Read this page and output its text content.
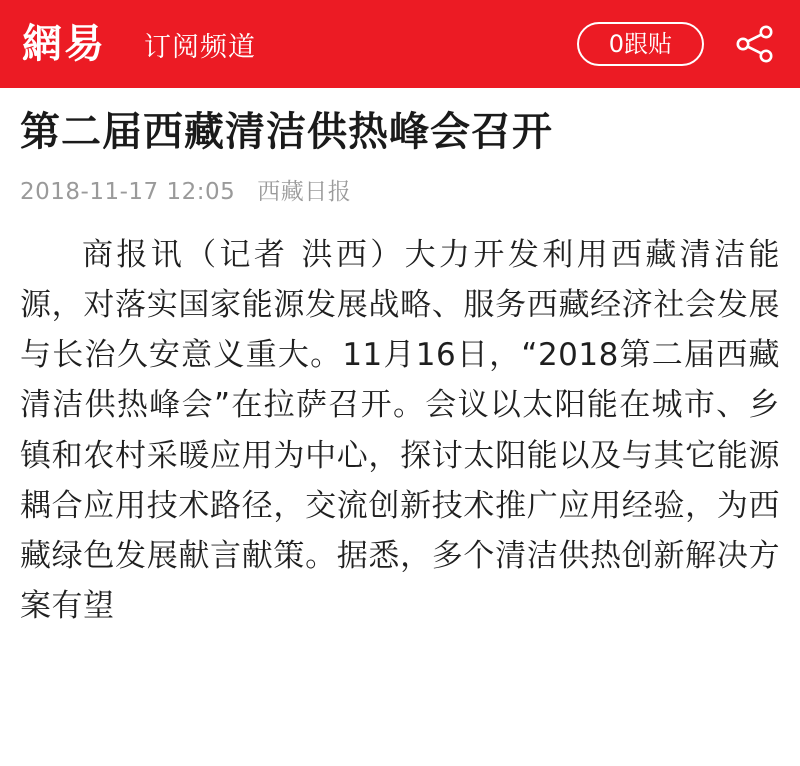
網易 订阅频道	0跟贴
第二届西藏清洁供热峰会召开
2018-11-17 12:05 西藏日报

商报讯（记者 洪西）大力开发利用西藏清洁能源，对落实国家能源发展战略、服务西藏经济社会发展与长治久安意义重大。11月16日，“2018第二届西藏清洁供热峰会”在拉萨召开。会议以太阳能在城市、乡镇和农村采暖应用为中心，探讨太阳能以及与其它能源耦合应用技术路径，交流创新技术推广应用经验，为西藏绿色发展献言献策。据悉，多个清洁供热创新解决方案有望
